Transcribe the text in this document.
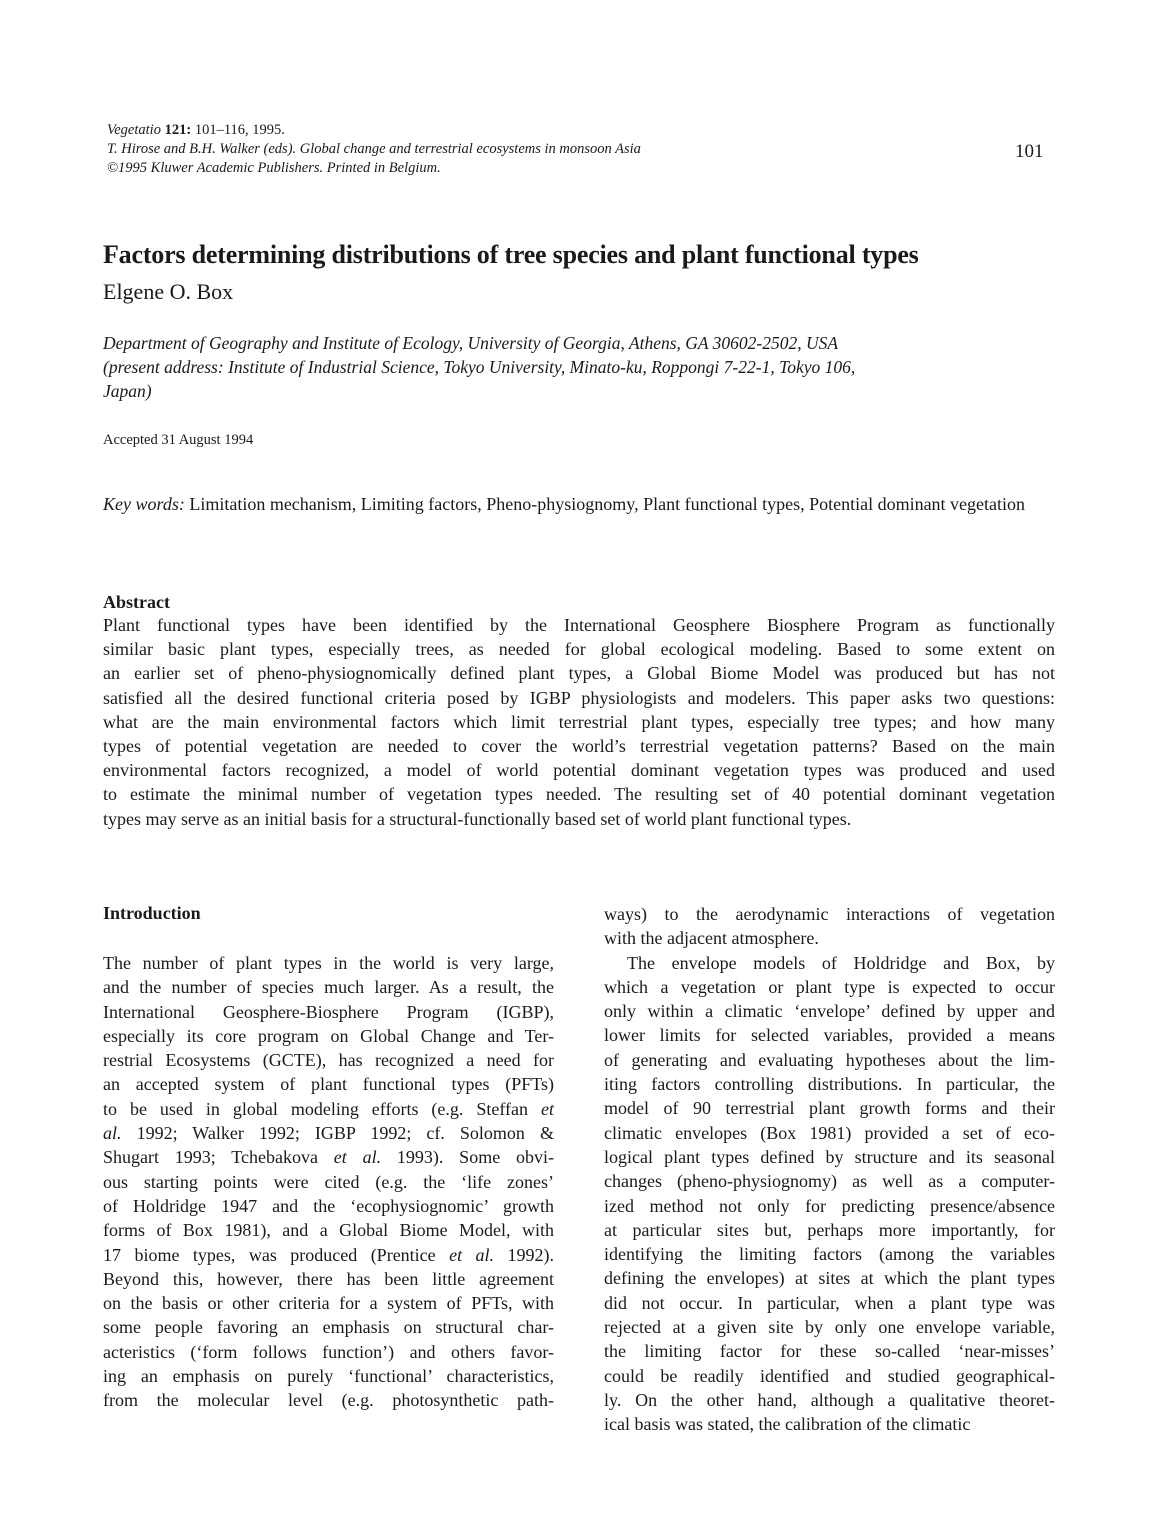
Vegetatio 121: 101–116, 1995.
T. Hirose and B.H. Walker (eds). Global change and terrestrial ecosystems in monsoon Asia
©1995 Kluwer Academic Publishers. Printed in Belgium.
101
Factors determining distributions of tree species and plant functional types
Elgene O. Box
Department of Geography and Institute of Ecology, University of Georgia, Athens, GA 30602-2502, USA
(present address: Institute of Industrial Science, Tokyo University, Minato-ku, Roppongi 7-22-1, Tokyo 106,
Japan)
Accepted 31 August 1994
Key words: Limitation mechanism, Limiting factors, Pheno-physiognomy, Plant functional types, Potential dominant vegetation
Abstract
Plant functional types have been identified by the International Geosphere Biosphere Program as functionally
similar basic plant types, especially trees, as needed for global ecological modeling. Based to some extent on
an earlier set of pheno-physiognomically defined plant types, a Global Biome Model was produced but has not
satisfied all the desired functional criteria posed by IGBP physiologists and modelers. This paper asks two questions:
what are the main environmental factors which limit terrestrial plant types, especially tree types; and how many
types of potential vegetation are needed to cover the world’s terrestrial vegetation patterns? Based on the main
environmental factors recognized, a model of world potential dominant vegetation types was produced and used
to estimate the minimal number of vegetation types needed. The resulting set of 40 potential dominant vegetation
types may serve as an initial basis for a structural-functionally based set of world plant functional types.
Introduction
The number of plant types in the world is very large,
and the number of species much larger. As a result, the
International Geosphere-Biosphere Program (IGBP),
especially its core program on Global Change and Ter-
restrial Ecosystems (GCTE), has recognized a need for
an accepted system of plant functional types (PFTs)
to be used in global modeling efforts (e.g. Steffan et
al. 1992; Walker 1992; IGBP 1992; cf. Solomon &
Shugart 1993; Tchebakova et al. 1993). Some obvi-
ous starting points were cited (e.g. the ‘life zones’
of Holdridge 1947 and the ‘ecophysiognomic’ growth
forms of Box 1981), and a Global Biome Model, with
17 biome types, was produced (Prentice et al. 1992).
Beyond this, however, there has been little agreement
on the basis or other criteria for a system of PFTs, with
some people favoring an emphasis on structural char-
acteristics (‘form follows function’) and others favor-
ing an emphasis on purely ‘functional’ characteristics,
from the molecular level (e.g. photosynthetic path-
ways) to the aerodynamic interactions of vegetation
with the adjacent atmosphere.
The envelope models of Holdridge and Box, by
which a vegetation or plant type is expected to occur
only within a climatic ‘envelope’ defined by upper and
lower limits for selected variables, provided a means
of generating and evaluating hypotheses about the lim-
iting factors controlling distributions. In particular, the
model of 90 terrestrial plant growth forms and their
climatic envelopes (Box 1981) provided a set of eco-
logical plant types defined by structure and its seasonal
changes (pheno-physiognomy) as well as a computer-
ized method not only for predicting presence/absence
at particular sites but, perhaps more importantly, for
identifying the limiting factors (among the variables
defining the envelopes) at sites at which the plant types
did not occur. In particular, when a plant type was
rejected at a given site by only one envelope variable,
the limiting factor for these so-called ‘near-misses’
could be readily identified and studied geographical-
ly. On the other hand, although a qualitative theoret-
ical basis was stated, the calibration of the climatic
